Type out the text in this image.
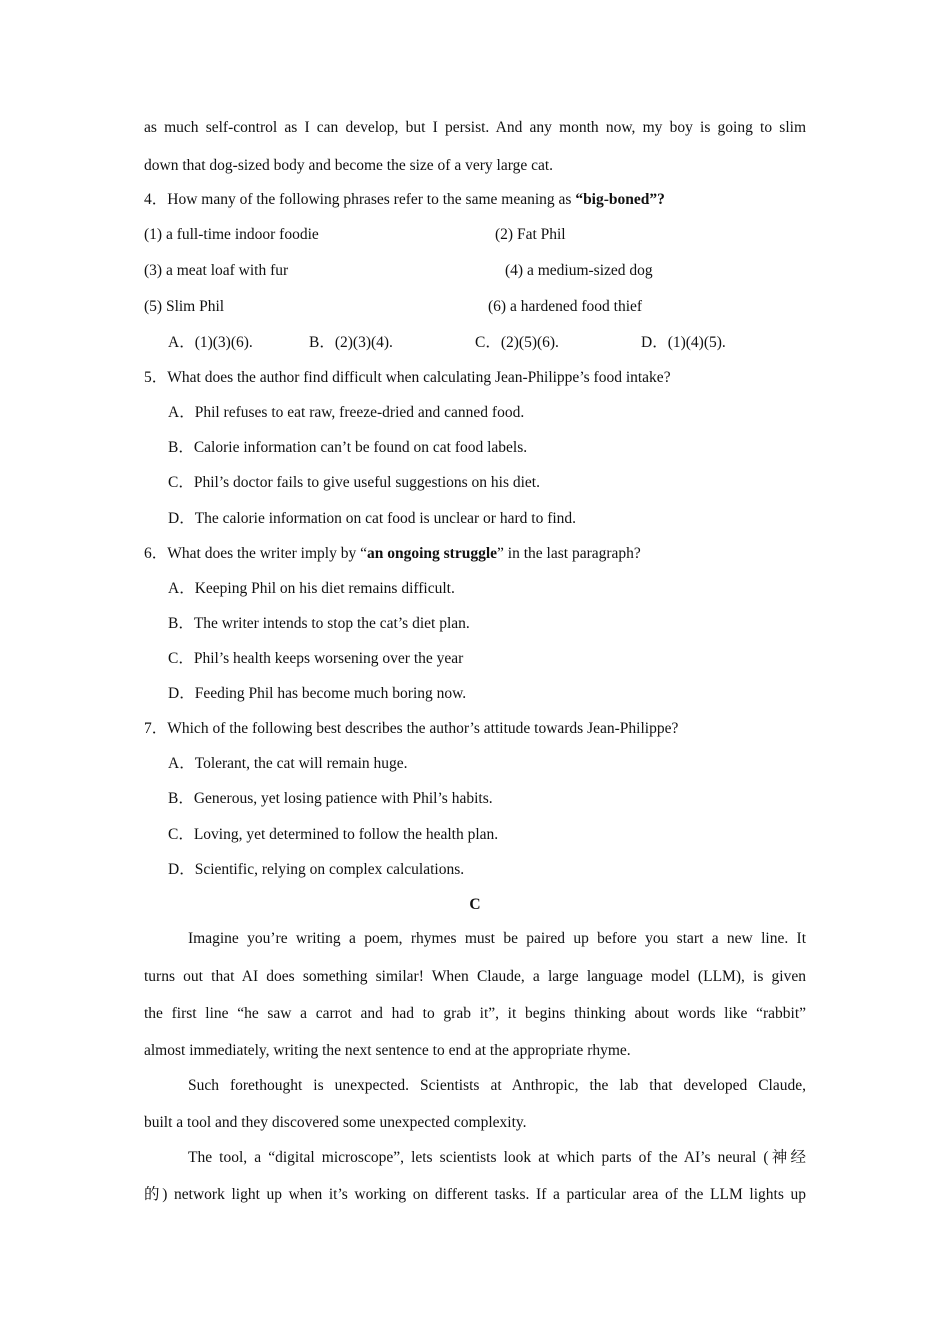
as much self-control as I can develop, but I persist. And any month now, my boy is going to slim
down that dog-sized body and become the size of a very large cat.
4．How many of the following phrases refer to the same meaning as “big-boned”?
(1) a full-time indoor foodie	(2) Fat Phil
(3) a meat loaf with fur	(4) a medium-sized dog
(5) Slim Phil	(6) a hardened food thief
A．(1)(3)(6).	B．(2)(3)(4).	C．(2)(5)(6).	D．(1)(4)(5).
5．What does the author find difficult when calculating Jean-Philippe’s food intake?
A．Phil refuses to eat raw, freeze-dried and canned food.
B．Calorie information can’t be found on cat food labels.
C．Phil’s doctor fails to give useful suggestions on his diet.
D．The calorie information on cat food is unclear or hard to find.
6．What does the writer imply by “an ongoing struggle” in the last paragraph?
A．Keeping Phil on his diet remains difficult.
B．The writer intends to stop the cat’s diet plan.
C．Phil’s health keeps worsening over the year
D．Feeding Phil has become much boring now.
7．Which of the following best describes the author’s attitude towards Jean-Philippe?
A．Tolerant, the cat will remain huge.
B．Generous, yet losing patience with Phil’s habits.
C．Loving, yet determined to follow the health plan.
D．Scientific, relying on complex calculations.
C
Imagine you’re writing a poem, rhymes must be paired up before you start a new line. It
turns out that AI does something similar! When Claude, a large language model (LLM), is given
the first line “he saw a carrot and had to grab it”, it begins thinking about words like “rabbit”
almost immediately, writing the next sentence to end at the appropriate rhyme.
Such forethought is unexpected. Scientists at Anthropic, the lab that developed Claude,
built a tool and they discovered some unexpected complexity.
The tool, a “digital microscope”, lets scientists look at which parts of the AI’s neural (神经
的) network light up when it’s working on different tasks. If a particular area of the LLM lights up
